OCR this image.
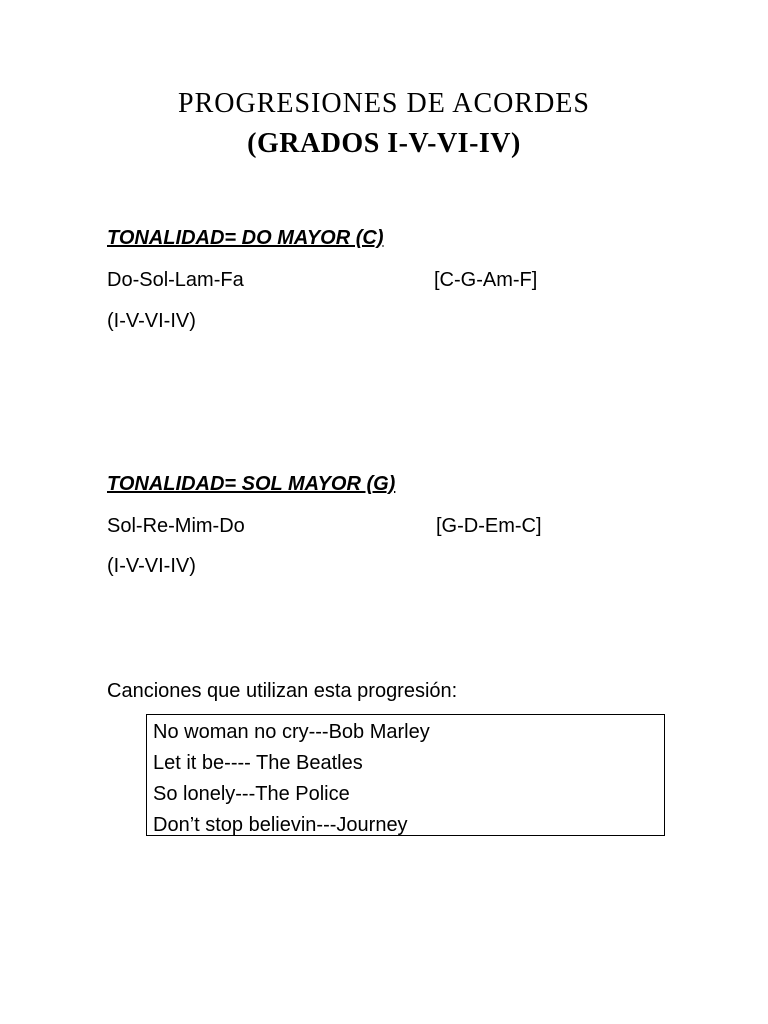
PROGRESIONES DE ACORDES
(GRADOS I-V-VI-IV)
TONALIDAD= DO MAYOR (C)
Do-Sol-Lam-Fa	[C-G-Am-F]
(I-V-VI-IV)
TONALIDAD= SOL MAYOR (G)
Sol-Re-Mim-Do	[G-D-Em-C]
(I-V-VI-IV)
Canciones que utilizan esta progresión:
No woman no cry---Bob Marley
Let it be---- The Beatles
So lonely---The Police
Don’t stop believin---Journey
